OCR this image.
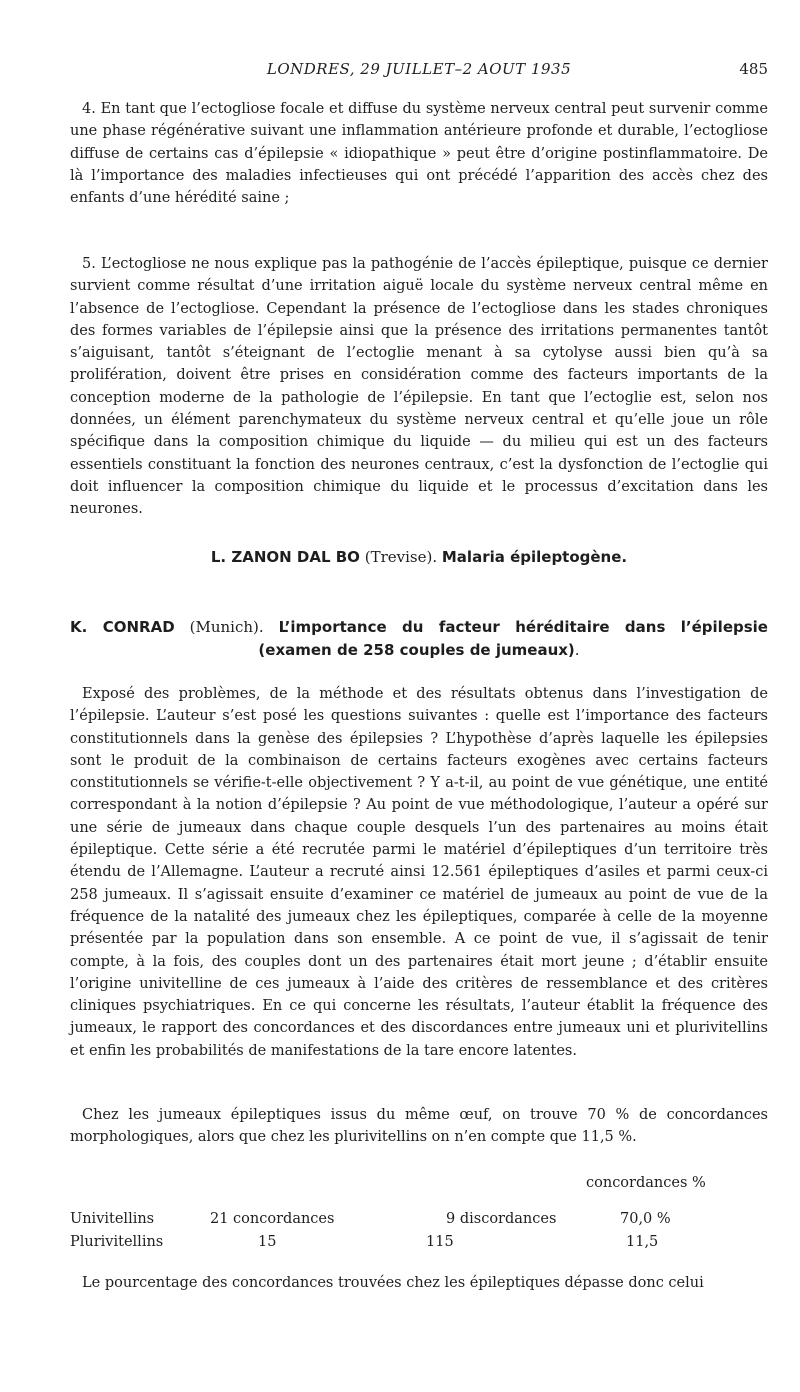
LONDRES, 29 JUILLET–2 AOUT 1935	485

4. En tant que l’ectogliose focale et diffuse du système nerveux central peut survenir comme une phase régénérative suivant une inflammation antérieure profonde et durable, l’ectogliose diffuse de certains cas d’épilepsie « idiopathique » peut être d’origine postinflammatoire. De là l’importance des maladies infectieuses qui ont précédé l’apparition des accès chez des enfants d’une hérédité saine ;

5. L’ectogliose ne nous explique pas la pathogénie de l’accès épileptique, puisque ce dernier survient comme résultat d’une irritation aiguë locale du système nerveux central même en l’absence de l’ectogliose. Cependant la présence de l’ectogliose dans les stades chroniques des formes variables de l’épilepsie ainsi que la présence des irritations permanentes tantôt s’aiguisant, tantôt s’éteignant de l’ectoglie menant à sa cytolyse aussi bien qu’à sa prolifération, doivent être prises en considération comme des facteurs importants de la conception moderne de la pathologie de l’épilepsie. En tant que l’ectoglie est, selon nos données, un élément parenchymateux du système nerveux central et qu’elle joue un rôle spécifique dans la composition chimique du liquide — du milieu qui est un des facteurs essentiels constituant la fonction des neurones centraux, c’est la dysfonction de l’ectoglie qui doit influencer la composition chimique du liquide et le processus d’excitation dans les neurones.

L. ZANON DAL BO (Trevise). Malaria épileptogène.
K. CONRAD (Munich). L’importance du facteur héréditaire dans l’épilepsie
(examen de 258 couples de jumeaux).

Exposé des problèmes, de la méthode et des résultats obtenus dans l’investigation de l’épilepsie. L’auteur s’est posé les questions suivantes : quelle est l’importance des facteurs constitutionnels dans la genèse des épilepsies ? L’hypothèse d’après laquelle les épilepsies sont le produit de la combinaison de certains facteurs exogènes avec certains facteurs constitutionnels se vérifie-t-elle objectivement ? Y a-t-il, au point de vue génétique, une entité correspondant à la notion d’épilepsie ? Au point de vue méthodologique, l’auteur a opéré sur une série de jumeaux dans chaque couple desquels l’un des partenaires au moins était épileptique. Cette série a été recrutée parmi le matériel d’épileptiques d’un territoire très étendu de l’Allemagne. L’auteur a recruté ainsi 12.561 épileptiques d’asiles et parmi ceux-ci 258 jumeaux. Il s’agissait ensuite d’examiner ce matériel de jumeaux au point de vue de la fréquence de la natalité des jumeaux chez les épileptiques, comparée à celle de la moyenne présentée par la population dans son ensemble. A ce point de vue, il s’agissait de tenir compte, à la fois, des couples dont un des partenaires était mort jeune ; d’établir ensuite l’origine univitelline de ces jumeaux à l’aide des critères de ressemblance et des critères cliniques psychiatriques. En ce qui concerne les résultats, l’auteur établit la fréquence des jumeaux, le rapport des concordances et des discordances entre jumeaux uni et plurivitellins et enfin les probabilités de manifestations de la tare encore latentes.

Chez les jumeaux épileptiques issus du même œuf, on trouve 70 % de concordances morphologiques, alors que chez les plurivitellins on n’en compte que 11,5 %.

concordances %
Univitellins	21 concordances	9 discordances	70,0 %
Plurivitellins	15	115	11,5

Le pourcentage des concordances trouvées chez les épileptiques dépasse donc celui
